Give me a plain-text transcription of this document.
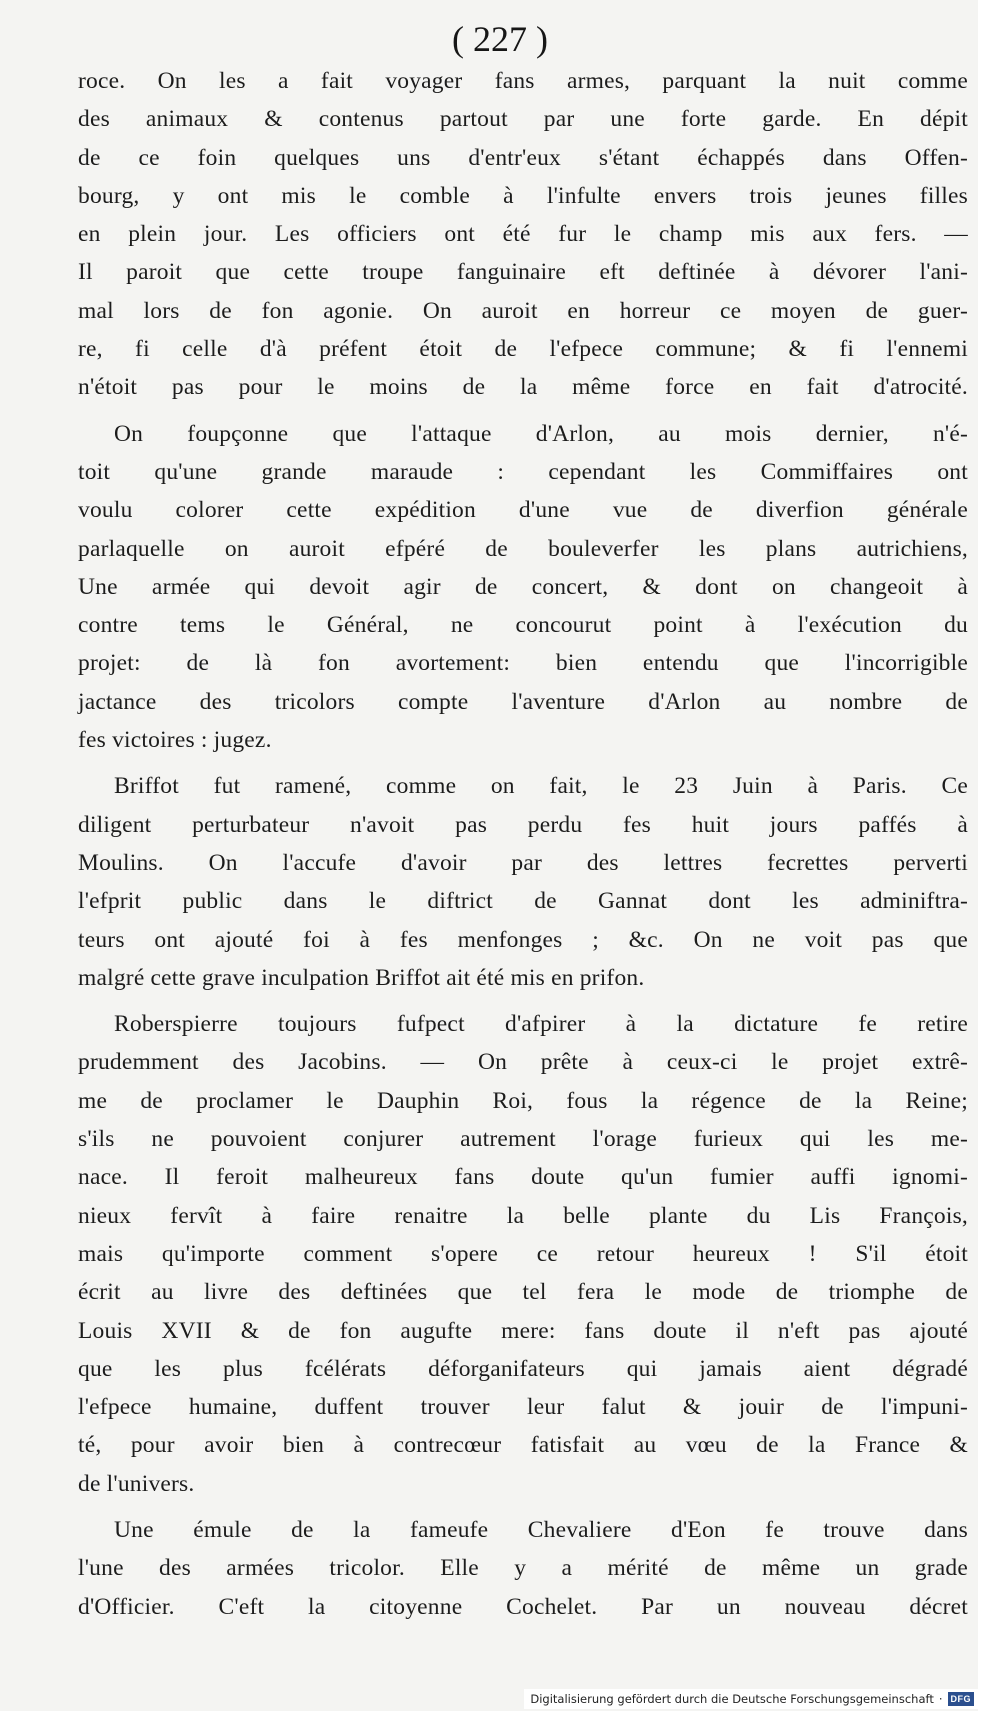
( 227 )
roce. On les a fait voyager fans armes, parquant la nuit comme
des animaux & contenus partout par une forte garde. En dépit
de ce foin quelques uns d'entr'eux s'étant échappés dans Offen-
bourg, y ont mis le comble à l'infulte envers trois jeunes filles
en plein jour. Les officiers ont été fur le champ mis aux fers. —
Il paroit que cette troupe fanguinaire eft deftinée à dévorer l'ani-
mal lors de fon agonie. On auroit en horreur ce moyen de guer-
re, fi celle d'à préfent étoit de l'efpece commune; & fi l'ennemi
n'étoit pas pour le moins de la même force en fait d'atrocité.
On foupçonne que l'attaque d'Arlon, au mois dernier, n'é-
toit qu'une grande maraude : cependant les Commiffaires ont
voulu colorer cette expédition d'une vue de diverfion générale
parlaquelle on auroit efpéré de bouleverfer les plans autrichiens,
Une armée qui devoit agir de concert, & dont on changeoit à
contre tems le Général, ne concourut point à l'exécution du
projet: de là fon avortement: bien entendu que l'incorrigible
jactance des tricolors compte l'aventure d'Arlon au nombre de
fes victoires : jugez.
Briffot fut ramené, comme on fait, le 23 Juin à Paris. Ce
diligent perturbateur n'avoit pas perdu fes huit jours paffés à
Moulins. On l'accufe d'avoir par des lettres fecrettes perverti
l'efprit public dans le diftrict de Gannat dont les adminiftra-
teurs ont ajouté foi à fes menfonges ; &c. On ne voit pas que
malgré cette grave inculpation Briffot ait été mis en prifon.
Roberspierre toujours fufpect d'afpirer à la dictature fe retire
prudemment des Jacobins. — On prête à ceux-ci le projet extrê-
me de proclamer le Dauphin Roi, fous la régence de la Reine;
s'ils ne pouvoient conjurer autrement l'orage furieux qui les me-
nace. Il feroit malheureux fans doute qu'un fumier auffi ignomi-
nieux fervît à faire renaitre la belle plante du Lis François,
mais qu'importe comment s'opere ce retour heureux ! S'il étoit
écrit au livre des deftinées que tel fera le mode de triomphe de
Louis XVII & de fon augufte mere: fans doute il n'eft pas ajouté
que les plus fcélérats déforganifateurs qui jamais aient dégradé
l'efpece humaine, duffent trouver leur falut & jouir de l'impuni-
té, pour avoir bien à contrecœur fatisfait au vœu de la France &
de l'univers.
Une émule de la fameufe Chevaliere d'Eon fe trouve dans
l'une des armées tricolor. Elle y a mérité de même un grade
d'Officier. C'eft la citoyenne Cochelet. Par un nouveau décret
Digitalisierung gefördert durch die Deutsche Forschungsgemeinschaft · DFG
